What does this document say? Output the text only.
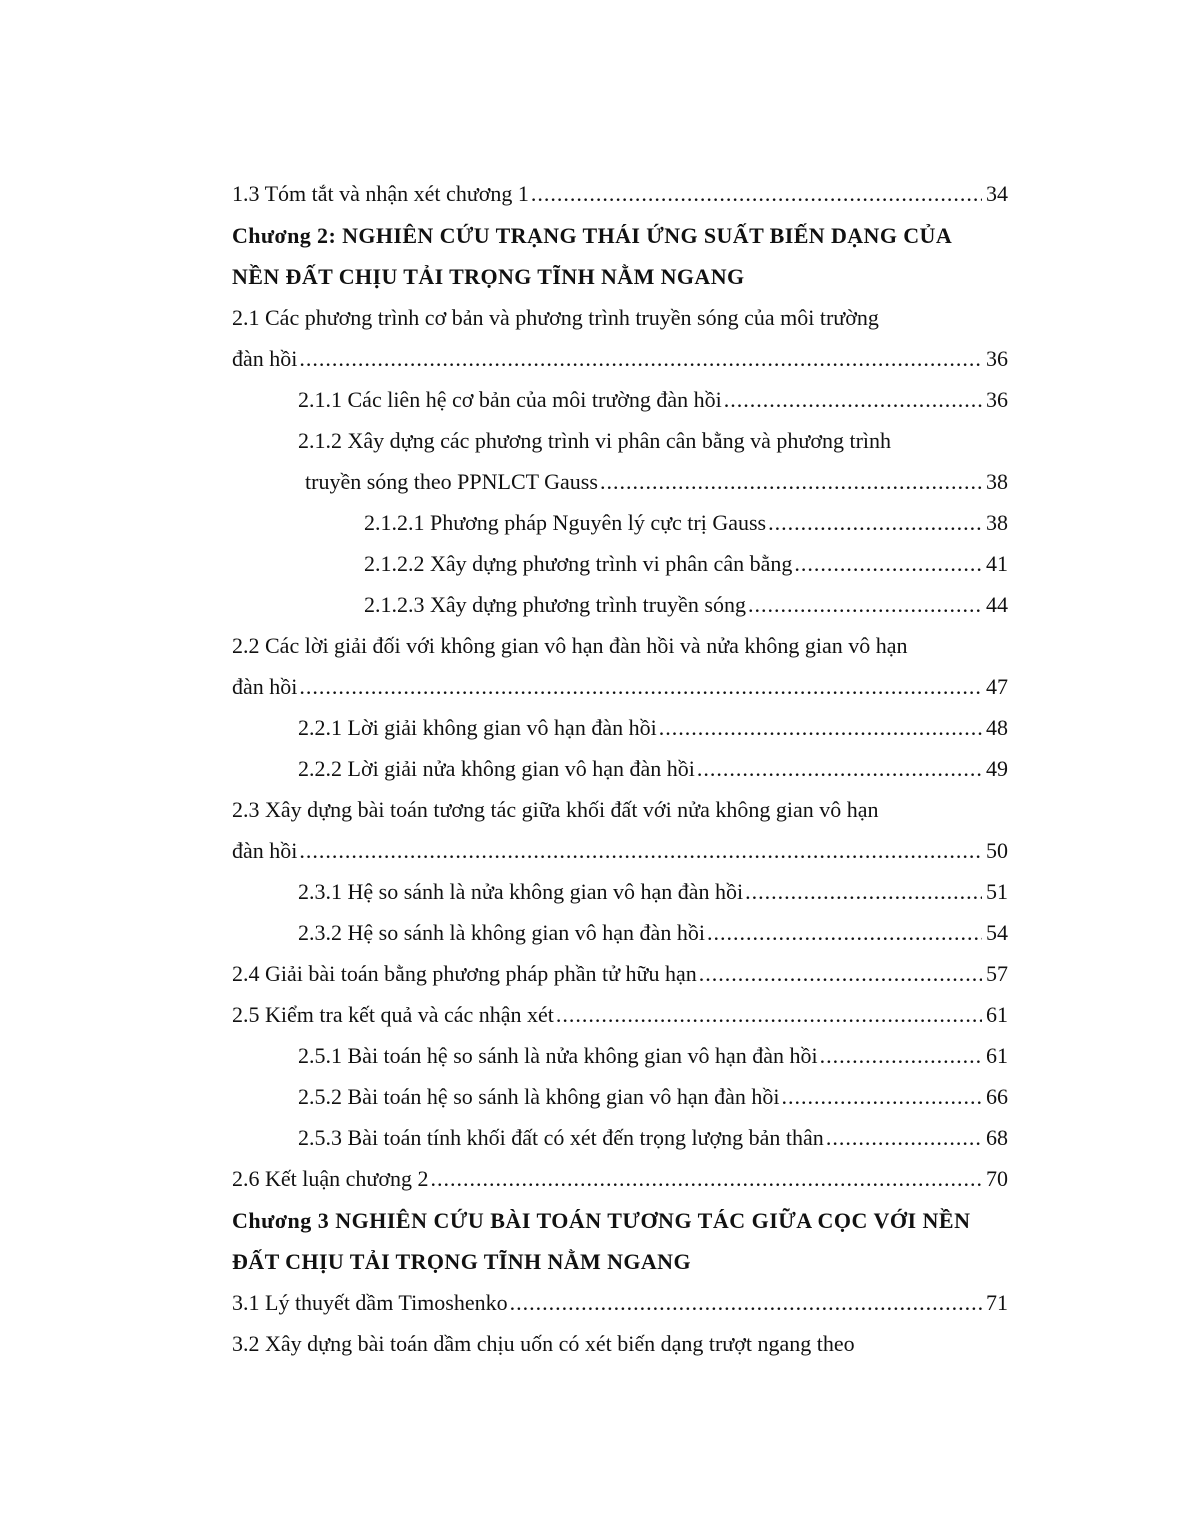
1.3 Tóm tắt và nhận xét chương 1 .....	34
Chương 2: NGHIÊN CỨU TRẠNG THÁI ỨNG SUẤT BIẾN DẠNG CỦA
NỀN ĐẤT CHỊU TẢI TRỌNG TĨNH NẰM NGANG
2.1 Các phương trình cơ bản và phương trình truyền sóng của môi trường
đàn hồi .....	36
2.1.1 Các liên hệ cơ bản của môi trường đàn hồi .....	36
2.1.2 Xây dựng các phương trình vi phân cân bằng và phương trình
truyền sóng theo PPNLCT Gauss .....	38
2.1.2.1 Phương pháp Nguyên lý cực trị Gauss .....	38
2.1.2.2 Xây dựng phương trình vi phân cân bằng .....	41
2.1.2.3 Xây dựng phương trình truyền sóng .....	44
2.2 Các lời giải đối với không gian vô hạn đàn hồi và nửa không gian vô hạn
đàn hồi .....	47
2.2.1 Lời giải không gian vô hạn đàn hồi .....	48
2.2.2 Lời giải nửa không gian vô hạn đàn hồi .....	49
2.3 Xây dựng bài toán tương tác giữa khối đất với nửa không gian vô hạn
đàn hồi .....	50
2.3.1 Hệ so sánh là nửa không gian vô hạn đàn hồi .....	51
2.3.2 Hệ so sánh là không gian vô hạn đàn hồi .....	54
2.4 Giải bài toán bằng phương pháp phần tử hữu hạn .....	57
2.5 Kiểm tra kết quả và các nhận xét .....	61
2.5.1 Bài toán hệ so sánh là nửa không gian vô hạn đàn hồi .....	61
2.5.2 Bài toán hệ so sánh là không gian vô hạn đàn hồi .....	66
2.5.3 Bài toán tính khối đất có xét đến trọng lượng bản thân .....	68
2.6 Kết luận chương 2 .....	70
Chương 3 NGHIÊN CỨU BÀI TOÁN TƯƠNG TÁC GIỮA CỌC VỚI NỀN
ĐẤT CHỊU TẢI TRỌNG TĨNH NẰM NGANG
3.1 Lý thuyết dầm Timoshenko .....	71
3.2 Xây dựng bài toán dầm chịu uốn có xét biến dạng trượt ngang theo
